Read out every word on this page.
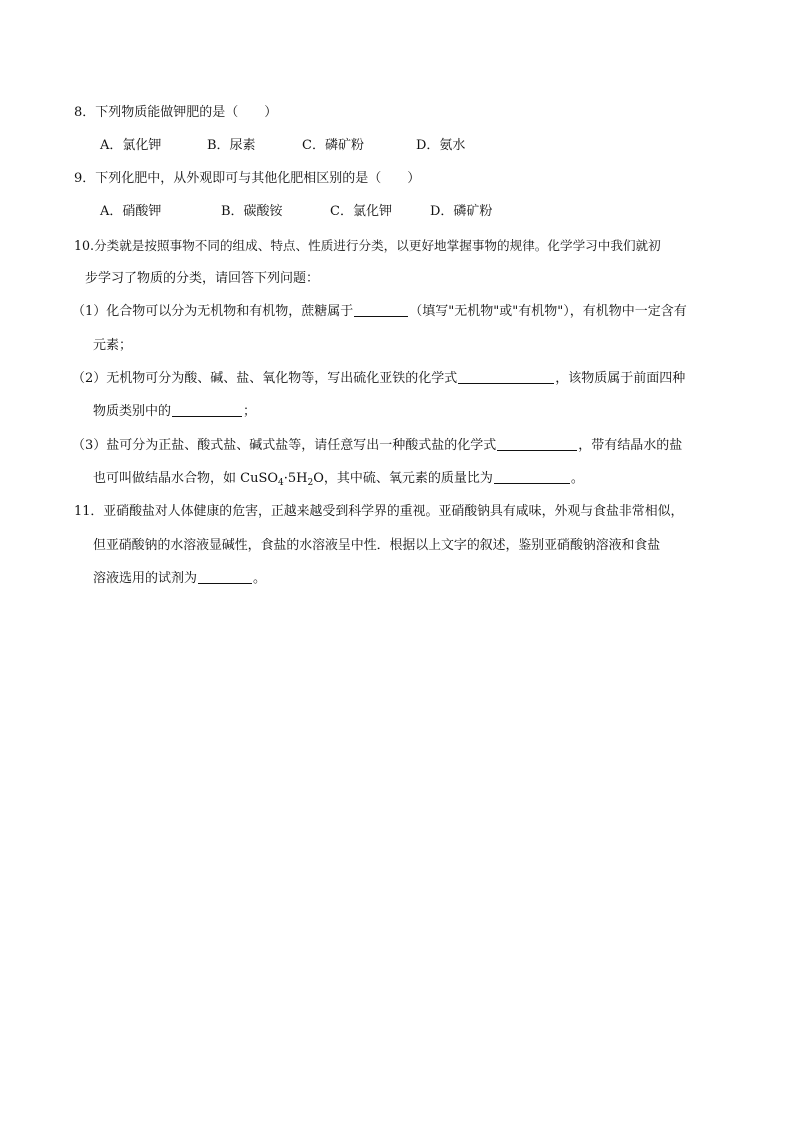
8．下列物质能做钾肥的是（　　）
A．氯化钾	B．尿素	C．磷矿粉	D．氨水
9．下列化肥中，从外观即可与其他化肥相区别的是（　　）
A．硝酸钾	B．碳酸铵	C．氯化钾	D．磷矿粉
10.分类就是按照事物不同的组成、特点、性质进行分类，以更好地掌握事物的规律。化学学习中我们就初
步学习了物质的分类，请回答下列问题：
（1）化合物可以分为无机物和有机物，蔗糖属于	（填写"无机物"或"有机物"），有机物中一定含有
元素；
（2）无机物可分为酸、碱、盐、氧化物等，写出硫化亚铁的化学式	，该物质属于前面四种
物质类别中的	；
（3）盐可分为正盐、酸式盐、碱式盐等，请任意写出一种酸式盐的化学式	，带有结晶水的盐
也可叫做结晶水合物，如 $CuSO_4\cdot 5H_2O$，其中硫、氧元素的质量比为	。
11．亚硝酸盐对人体健康的危害，正越来越受到科学界的重视。亚硝酸钠具有咸味，外观与食盐非常相似，
但亚硝酸钠的水溶液显碱性，食盐的水溶液呈中性．根据以上文字的叙述，鉴别亚硝酸钠溶液和食盐
溶液选用的试剂为	。
